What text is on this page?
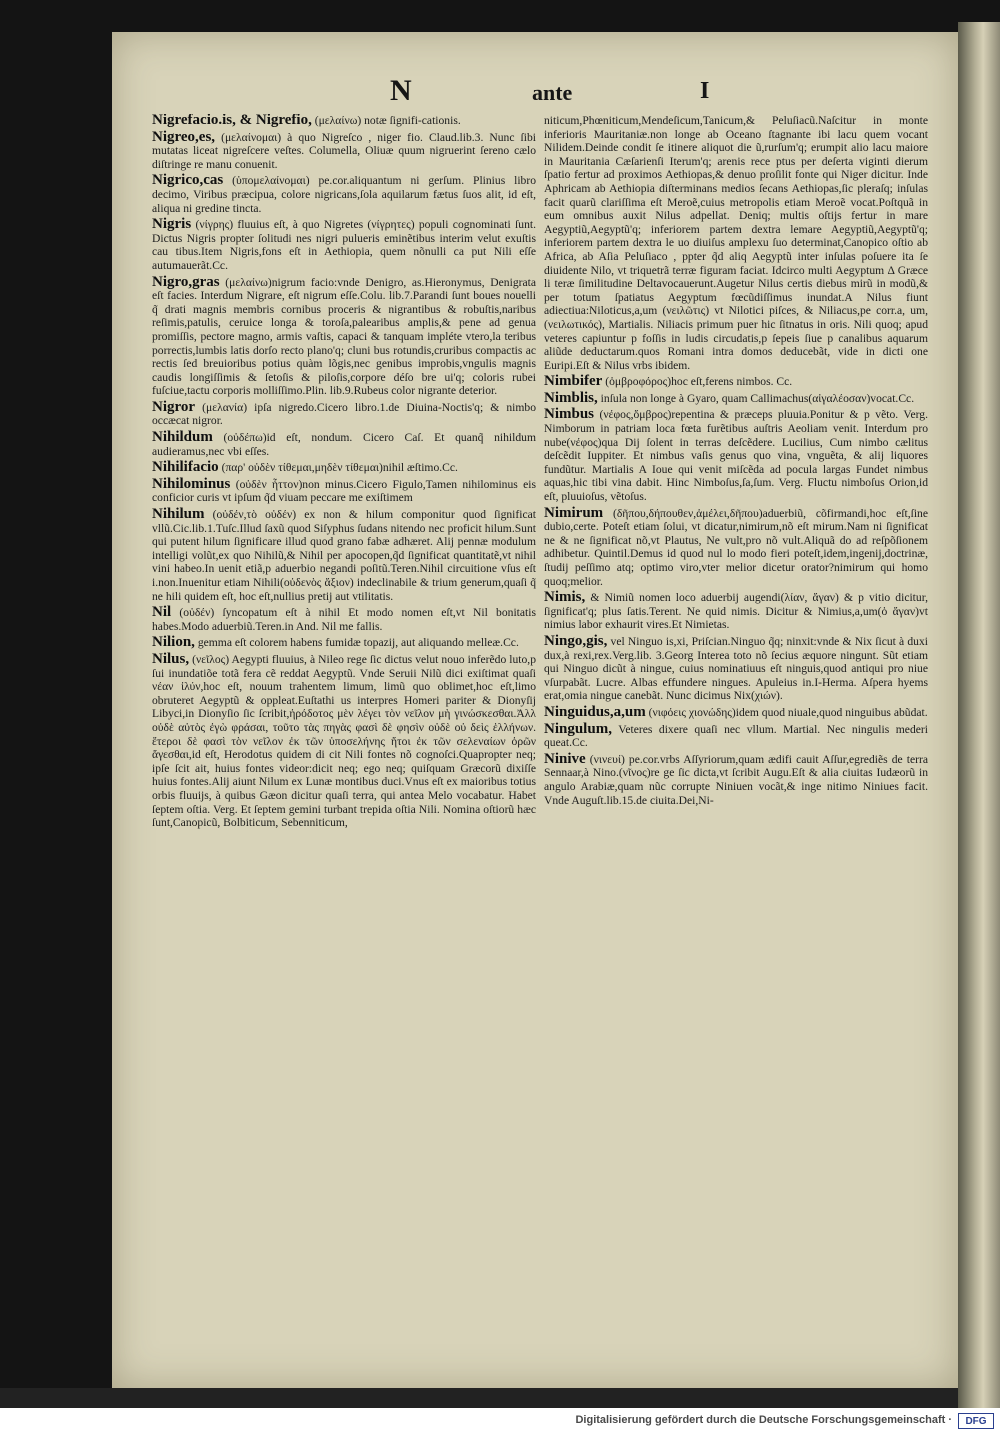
N	ante	I

Nigrefacio.is, & Nigrefio, (μελαίνω) notæ ſignifi-cationis.

Nigreo,es, (μελαίνομαι) à quo Nigreſco , niger fio. Claud.lib.3. Nunc ſibi mutatas liceat nigreſcere veſtes. Columella, Oliuæ quum nigruerint ſereno cælo diſtringe re manu conuenit.

Nigrico,cas (ὑπομελαίνομαι) pe.cor.aliquantum ni gerſum. Plinius libro decimo, Viribus præcipua, colore nigricans,ſola aquilarum fætus ſuos alit, id eſt, aliqua ni gredine tincta.

Nigris (νίγρης) fluuius eſt, à quo Nigretes (νίγρητες) populi cognominati ſunt. Dictus Nigris propter ſolitudi nes nigri pulueris eminẽtibus interim velut exuſtis cau tibus.Item Nigris,fons eſt in Aethiopia, quem nõnulli ca put Nili eſſe autumauerãt.Cc.

Nigro,gras (μελαίνω)nigrum facio:vnde Denigro, as.Hieronymus, Denigrata eſt facies. Interdum Nigrare, eſt nigrum eſſe.Colu. lib.7.Parandi ſunt boues nouelli q̃ drati magnis membris cornibus proceris & nigrantibus & robuſtis,naribus reſimis,patulis, ceruice longa & toroſa,palearibus amplis,& pene ad genua promiſſis, pectore magno, armis vaſtis, capaci & tanquam impléte vtero,la teribus porrectis,lumbis latis dorſo recto plano'q; cluni bus rotundis,cruribus compactis ac rectis ſed breuioribus potius quàm lõgis,nec genibus improbis,vngulis magnis caudis longiſſimis & ſetoſis & piloſis,corpore déſo bre ui'q; coloris rubei fuſciue,tactu corporis molliſſimo.Plin. lib.9.Rubeus color nigrante deterior.

Nigror (μελανία) ipſa nigredo.Cicero libro.1.de Diuina-Noctis'q; & nimbo occæcat nigror.

Nihildum (οὐδέπω)id eſt, nondum. Cicero Caſ. Et quanq̃ nihildum audieramus,nec vbi eſſes.

Nihilifacio (παρ' οὐδὲν τίθεμαι,μηδὲν τίθεμαι)nihil æſtimo.Cc.

Nihilominus (οὐδὲν ἧττον)non minus.Cicero Figulo,Tamen nihilominus eis conficior curis vt ipſum q̃d viuam peccare me exiſtimem

Nihilum (οὐδέν,τὸ οὐδέν) ex non & hilum componitur quod ſignificat vllũ.Cic.lib.1.Tuſc.Illud ſaxũ quod Siſyphus ſudans nitendo nec proficit hilum.Sunt qui putent hilum ſignificare illud quod grano fabæ adhæret. Alij pennæ modulum intelligi volũt,ex quo Nihilũ,& Nihil per apocopen,q̃d ſignificat quantitatẽ,vt nihil vini habeo.In uenit etiã,p aduerbio negandi poſitũ.Teren.Nihil circuitione vſus eſt i.non.Inuenitur etiam Nihili(οὐδενὸς ἄξιον) indeclinabile & trium generum,quaſi q̃ ne hili quidem eſt, hoc eſt,nullius pretij aut vtilitatis.

Nil (οὐδέν) ſyncopatum eſt à nihil Et modo nomen eſt,vt Nil bonitatis habes.Modo aduerbiũ.Teren.in And. Nil me fallis.

Nilion, gemma eſt colorem habens fumidæ topazij, aut aliquando melleæ.Cc.

Nilus, (νεῖλος) Aegypti fluuius, à Nileo rege ſic dictus velut nouo inferẽdo luto,p ſui inundatiõe totã fera cẽ reddat Aegyptũ. Vnde Seruii Nilũ dici exiſtimat quaſi νέαν ἰλύν,hoc eſt, nouum trahentem limum, limũ quo oblimet,hoc eſt,limo obruteret Aegyptũ & oppleat.Euſtathi us interpres Homeri pariter & Dionyſij Libyci,in Dionyſio ſic ſcribit,ἠρόδοτος μὲν λέγει τὸν νεῖλον μὴ γινώσκεσθαι.Ἀλλ οὐδὲ αὐτὸς ἐγὼ φράσαι, τοῦτο τὰς πηγὰς φασὶ δὲ φησὶν οὐδὲ οὐ δεὶς ἑλλήνων. ἕτεροι δὲ φασὶ τὸν νεῖλον ἐκ τῶν ὑποσελήνης ἤτοι ἐκ τῶν σελεναίων ὀρῶν ἄγεσθαι,id eſt, Herodotus quidem di cit Nili fontes nõ cognoſci.Quapropter neq; ipſe ſcit ait, huius fontes videor:dicit neq; ego neq; quiſquam Græcorũ dixiſſe huius fontes.Alij aiunt Nilum ex Lunæ montibus duci.Vnus eſt ex maioribus totius orbis fluuijs, à quibus Gæon dicitur quaſi terra, qui antea Melo vocabatur. Habet ſeptem oſtia. Verg. Et ſeptem gemini turbant trepida oſtia Nili. Nomina oſtiorũ hæc ſunt,Canopicũ, Bolbiticum, Sebenniticum,

niticum,Phœniticum,Mendeſicum,Tanicum,& Peluſiacũ.Naſcitur in monte inferioris Mauritaniæ.non longe ab Oceano ſtagnante ibi lacu quem vocant Nilidem.Deinde condit ſe itinere aliquot die ũ,rurſum'q; erumpit alio lacu maiore in Mauritania Cæſarienſi Iterum'q; arenis rece ptus per deſerta viginti dierum ſpatio fertur ad proximos Aethiopas,& denuo proſilit fonte qui Niger dicitur. Inde Aphricam ab Aethiopia diſterminans medios ſecans Aethiopas,ſic pleraſq; inſulas facit quarũ clariſſima eſt Meroẽ,cuius metropolis etiam Meroẽ vocat.Poſtquã in eum omnibus auxit Nilus adpellat. Deniq; multis oſtijs fertur in mare Aegyptiũ,Aegyptũ'q; inferiorem partem dextra lemare Aegyptiũ,Aegyptũ'q; inferiorem partem dextra le uo diuiſus amplexu ſuo determinat,Canopico oſtio ab Africa, ab Aſia Peluſiaco , ppter q̃d aliq Aegyptũ inter inſulas poſuere ita ſe diuidente Nilo, vt triquetrã terræ figuram faciat. Idcirco multi Aegyptum Δ Græce li teræ ſimilitudine Deltavocauerunt.Augetur Nilus certis diebus mirũ in modũ,& per totum ſpatiatus Aegyptum fœcũdiſſimus inundat.A Nilus fiunt adiectiua:Niloticus,a,um (νειλῶτις) vt Nilotici piſces, & Niliacus,pe corr.a, um,(νειλωτικός), Martialis. Niliacis primum puer hic ſitnatus in oris. Nili quoq; apud veteres capiuntur p foſſis in ludis circudatis,p ſepeis ſiue p canalibus aquarum aliũde deductarum.quos Romani intra domos deducebãt, vide in dicti one Euripi.Eſt & Nilus vrbs ibidem.

Nimbifer (ὀμβροφόρος)hoc eſt,ferens nimbos. Cc.

Nimblis, inſula non longe à Gyaro, quam Callimachus(αἰγαλέοσαν)vocat.Cc.

Nimbus (νέφος,ὄμβρος)repentina & præceps pluuia.Ponitur & p vẽto. Verg. Nimborum in patriam loca fœta furẽtibus auſtris Aeoliam venit. Interdum pro nube(νέφος)qua Dij ſolent in terras deſcẽdere. Lucilius, Cum nimbo cælitus deſcẽdit Iuppiter. Et nimbus vaſis genus quo vina, vnguẽta, & alij liquores fundũtur. Martialis A Ioue qui venit miſcẽda ad pocula largas Fundet nimbus aquas,hic tibi vina dabit. Hinc Nimboſus,ſa,ſum. Verg. Fluctu nimboſus Orion,id eſt, pluuioſus, vẽtoſus.

Nimirum (δῆπου,δήπουθεν,ἀμέλει,δῆπου)aduerbiũ, cõfirmandi,hoc eſt,ſine dubio,certe. Poteſt etiam ſolui, vt dicatur,nimirum,nõ eſt mirum.Nam ni ſignificat ne & ne ſignificat nõ,vt Plautus, Ne vult,pro nõ vult.Aliquã do ad reſpõſionem adhibetur. Quintil.Demus id quod nul lo modo fieri poteſt,idem,ingenij,doctrinæ, ſtudij peſſimo atq; optimo viro,vter melior dicetur orator?nimirum qui homo quoq;melior.

Nimis, & Nimiũ nomen loco aduerbij augendi(λίαν, ἄγαν) & p vitio dicitur, ſignificat'q; plus ſatis.Terent. Ne quid nimis. Dicitur & Nimius,a,um(ὁ ἄγαν)vt nimius labor exhaurit vires.Et Nimietas.

Ningo,gis, vel Ninguo is,xi, Priſcian.Ninguo q̃q; ninxit:vnde & Nix ſicut à duxi dux,à rexi,rex.Verg.lib. 3.Georg Interea toto nõ ſecius æquore ningunt. Sũt etiam qui Ninguo dicũt à ningue, cuius nominatiuus eſt ninguis,quod antiqui pro niue vſurpabãt. Lucre. Albas effundere ningues. Apuleius in.I-Herma. Aſpera hyems erat,omia ningue canebãt. Nunc dicimus Nix(χιών).

Ninguidus,a,um (νιφόεις χιονώδης)idem quod niuale,quod ninguibus abũdat.

Ningulum, Veteres dixere quaſi nec vllum. Martial. Nec ningulis mederi queat.Cc.

Ninive (νινευί) pe.cor.vrbs Aſſyriorum,quam ædifi cauit Aſſur,egrediẽs de terra Sennaar,à Nino.(νῖνος)re ge ſic dicta,vt ſcribit Augu.Eſt & alia ciuitas Iudæorũ in angulo Arabiæ,quam nũc corrupte Niniuen vocãt,& inge nitimo Niniues facit. Vnde Auguſt.lib.15.de ciuita.Dei,Ni-

Digitalisierung gefördert durch die Deutsche Forschungsgemeinschaft ·	DFG
